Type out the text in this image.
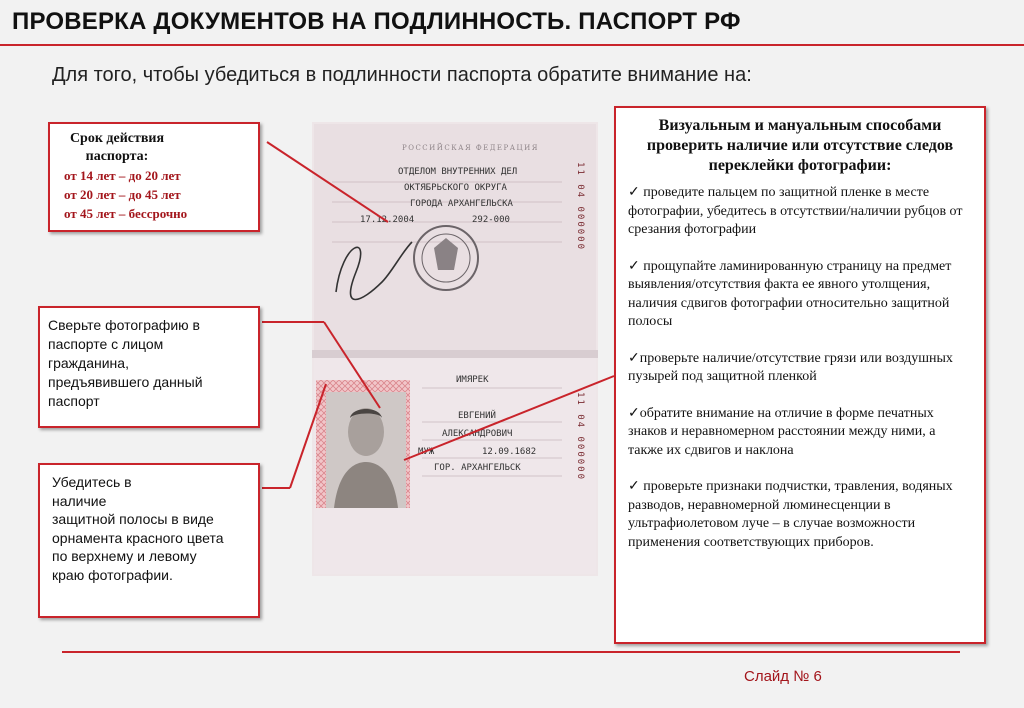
ПРОВЕРКА ДОКУМЕНТОВ НА ПОДЛИННОСТЬ. ПАСПОРТ РФ
Для того, чтобы убедиться в подлинности паспорта обратите внимание на:
РОССИЙСКАЯ ФЕДЕРАЦИЯ
ОТДЕЛОМ ВНУТРЕННИХ ДЕЛ
ОКТЯБРЬСКОГО ОКРУГА
ГОРОДА АРХАНГЕЛЬСКА
17.12.2004	292-000	11 04 000000
ИМЯРЕК
ЕВГЕНИЙ
АЛЕКСАНДРОВИЧ
МУЖ	12.09.1682
ГОР. АРХАНГЕЛЬСК	11 04 000000
Срок действия паспорта:
от 14 лет – до 20 лет
от 20 лет – до 45 лет
от 45 лет – бессрочно
Сверьте фотографию в
паспорте с лицом
гражданина,
предъявившего данный
паспорт
Убедитесь в
наличие
защитной полосы в виде
орнамента красного цвета
по верхнему и левому
краю фотографии.
Визуальным и мануальным способами проверить наличие или отсутствие следов переклейки фотографии:
✓ проведите пальцем по защитной пленке в месте фотографии, убедитесь в отсутствии/наличии рубцов от срезания фотографии
✓ прощупайте ламинированную страницу на предмет выявления/отсутствия факта ее явного утолщения, наличия сдвигов фотографии относительно защитной полосы
✓проверьте наличие/отсутствие грязи или воздушных пузырей под защитной пленкой
✓обратите внимание на отличие в форме печатных знаков и неравномерном расстоянии между ними, а также их сдвигов и наклона
✓ проверьте признаки подчистки, травления, водяных разводов, неравномерной люминесценции в ультрафиолетовом луче – в случае возможности применения соответствующих приборов.
Слайд № 6
